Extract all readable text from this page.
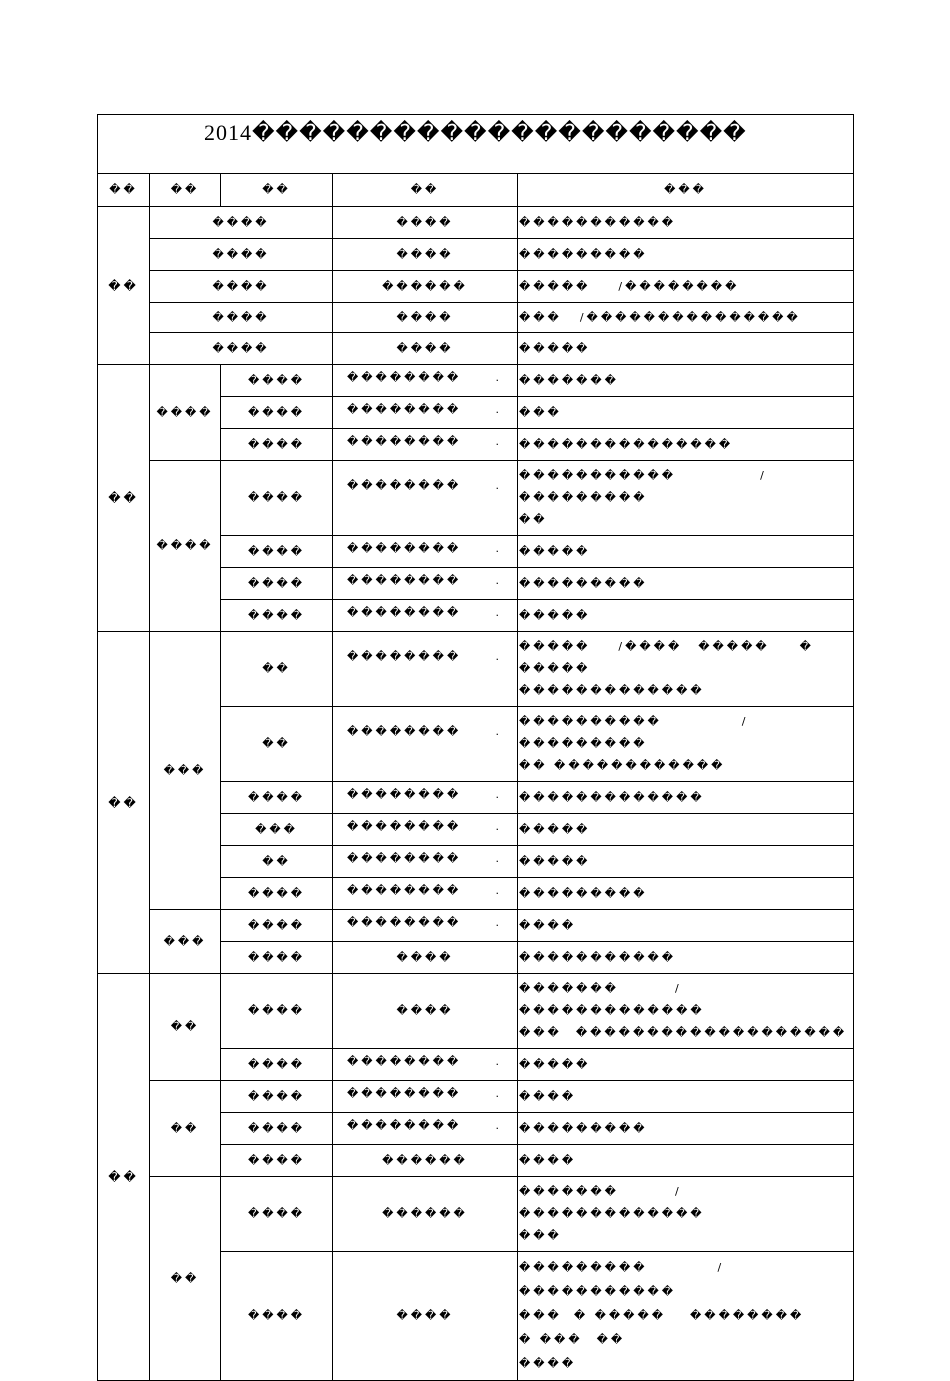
2014���������������������				
��	��	��	��	���
��	����		����	�����������
	����		����	���������
	����		������	����� /��������
	����		����	��� /���������������
	����		����	�����
��	����	����	�������� .	�������
		����	�������� .	���
		����	�������� .	���������������
	����	����	�������� .	����������� /���������
��
		����	�������� .	�����
		����	�������� .	���������
		����	�������� .	�����
��	���	��	�������� .	����� /���� ����� � �����
�������������
		��	�������� .	���������� /���������
�� ������������
		����	�������� .	�������������
		���	�������� .	�����
		��	�������� .	�����
		����	�������� .	���������
	���	����	�������� .	����
		����	����	�����������
��	��	����	����	������� /�������������
��� �������������������
		����	�������� .	�����
	��	����	�������� .	����
		����	�������� .	���������
		����	������	����
	��	����	������	������� /�������������
���
		����	����	��������� /�����������
��� � ����� ��������� ��� ��
����
